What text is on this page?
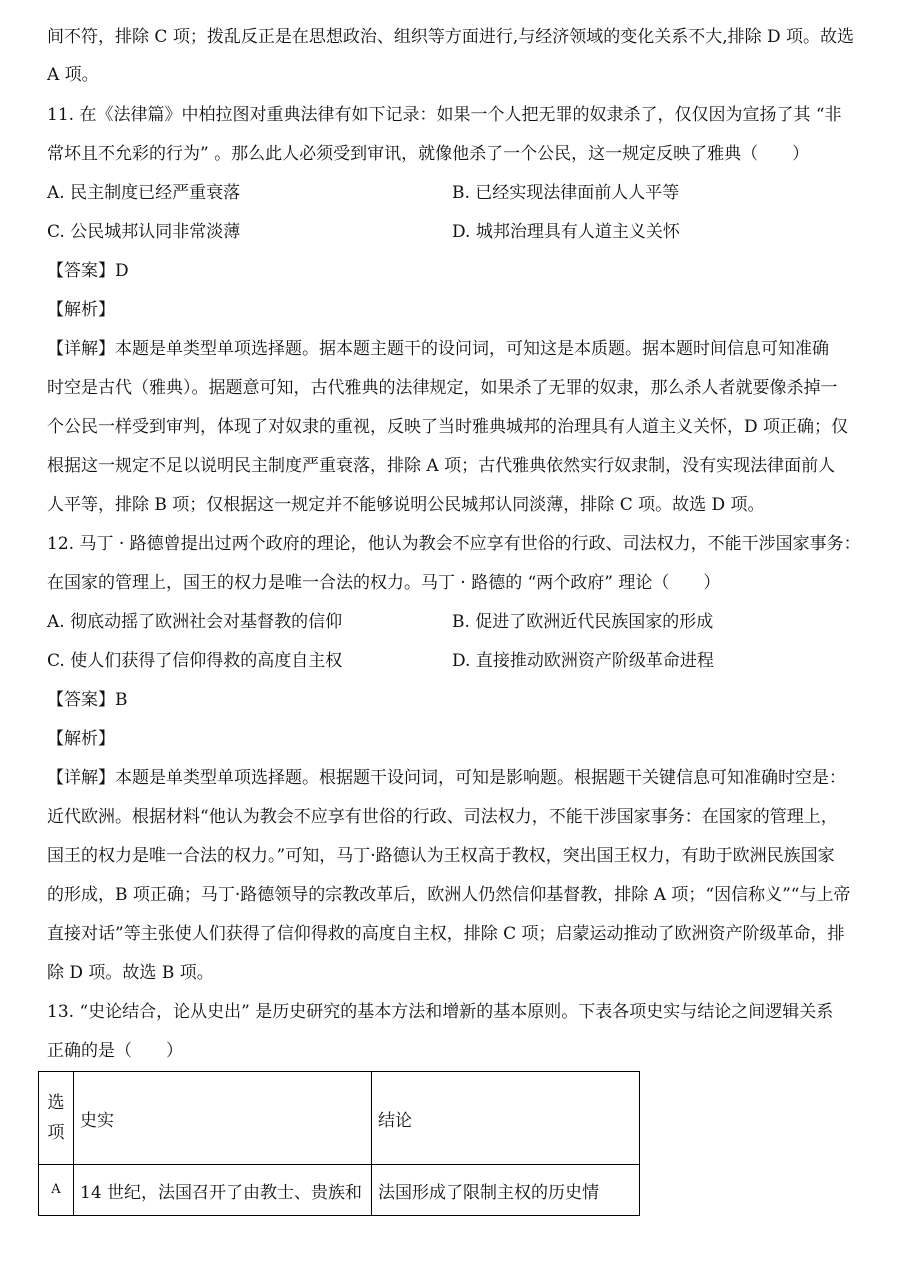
间不符，排除 C 项；拨乱反正是在思想政治、组织等方面进行,与经济领域的变化关系不大,排除 D 项。故选
A 项。
11. 在《法律篇》中柏拉图对重典法律有如下记录：如果一个人把无罪的奴隶杀了，仅仅因为宣扬了其 “非
常坏且不允彩的行为” 。那么此人必须受到审讯，就像他杀了一个公民，这一规定反映了雅典（　　）
A. 民主制度已经严重衰落	B. 已经实现法律面前人人平等
C. 公民城邦认同非常淡薄	D. 城邦治理具有人道主义关怀
【答案】D
【解析】
【详解】本题是单类型单项选择题。据本题主题干的设问词，可知这是本质题。据本题时间信息可知准确
时空是古代（雅典）。据题意可知，古代雅典的法律规定，如果杀了无罪的奴隶，那么杀人者就要像杀掉一
个公民一样受到审判，体现了对奴隶的重视，反映了当时雅典城邦的治理具有人道主义关怀，D 项正确；仅
根据这一规定不足以说明民主制度严重衰落，排除 A 项；古代雅典依然实行奴隶制，没有实现法律面前人
人平等，排除 B 项；仅根据这一规定并不能够说明公民城邦认同淡薄，排除 C 项。故选 D 项。
12. 马丁 · 路德曾提出过两个政府的理论，他认为教会不应享有世俗的行政、司法权力，不能干涉国家事务：
在国家的管理上，国王的权力是唯一合法的权力。马丁 · 路德的 “两个政府” 理论（　　）
A. 彻底动摇了欧洲社会对基督教的信仰	B. 促进了欧洲近代民族国家的形成
C. 使人们获得了信仰得救的高度自主权	D. 直接推动欧洲资产阶级革命进程
【答案】B
【解析】
【详解】本题是单类型单项选择题。根据题干设问词，可知是影响题。根据题干关键信息可知准确时空是：
近代欧洲。根据材料“他认为教会不应享有世俗的行政、司法权力，不能干涉国家事务：在国家的管理上，
国王的权力是唯一合法的权力。”可知，马丁·路德认为王权高于教权，突出国王权力，有助于欧洲民族国家
的形成，B 项正确；马丁·路德领导的宗教改革后，欧洲人仍然信仰基督教，排除 A 项；“因信称义”“与上帝
直接对话”等主张使人们获得了信仰得救的高度自主权，排除 C 项；启蒙运动推动了欧洲资产阶级革命，排
除 D 项。故选 B 项。
13. “史论结合，论从史出” 是历史研究的基本方法和增新的基本原则。下表各项史实与结论之间逻辑关系
正确的是（　　）
选项	史实	结论
A	14 世纪，法国召开了由教士、贵族和	法国形成了限制主权的历史情
